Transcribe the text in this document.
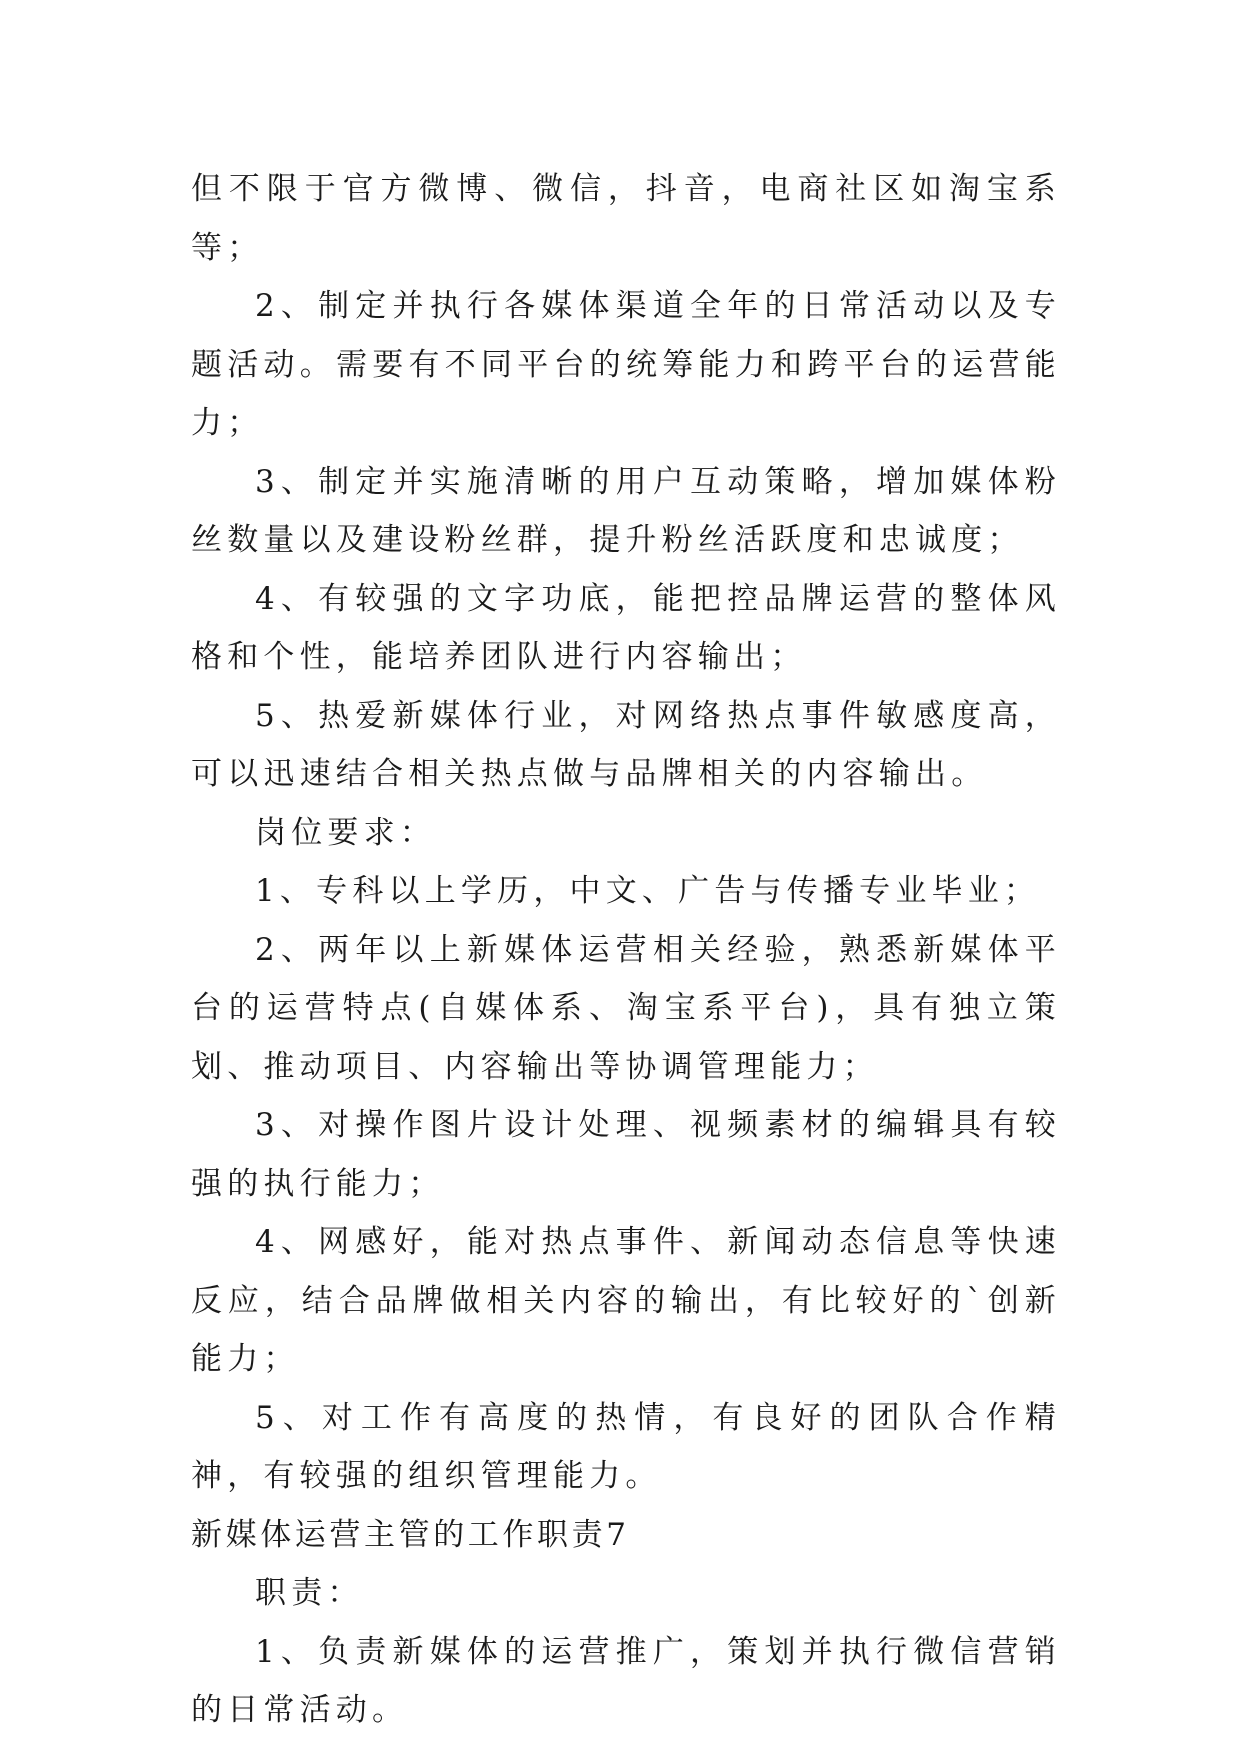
但不限于官方微博、微信，抖音，电商社区如淘宝系等；

2、制定并执行各媒体渠道全年的日常活动以及专题活动。需要有不同平台的统筹能力和跨平台的运营能力；

3、制定并实施清晰的用户互动策略，增加媒体粉丝数量以及建设粉丝群，提升粉丝活跃度和忠诚度；

4、有较强的文字功底，能把控品牌运营的整体风格和个性，能培养团队进行内容输出；

5、热爱新媒体行业，对网络热点事件敏感度高，可以迅速结合相关热点做与品牌相关的内容输出。

岗位要求：

1、专科以上学历，中文、广告与传播专业毕业；

2、两年以上新媒体运营相关经验，熟悉新媒体平台的运营特点(自媒体系、淘宝系平台)，具有独立策划、推动项目、内容输出等协调管理能力；

3、对操作图片设计处理、视频素材的编辑具有较强的执行能力；

4、网感好，能对热点事件、新闻动态信息等快速反应，结合品牌做相关内容的输出，有比较好的`创新能力；

5、对工作有高度的热情，有良好的团队合作精神，有较强的组织管理能力。

新媒体运营主管的工作职责7

职责：

1、负责新媒体的运营推广，策划并执行微信营销的日常活动。
